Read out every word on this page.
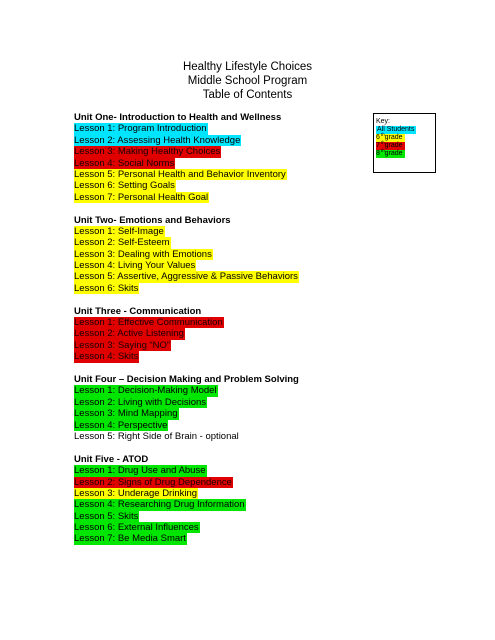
Healthy Lifestyle Choices
Middle School Program
Table of Contents
Unit One- Introduction to Health and Wellness
Lesson 1: Program Introduction
Lesson 2: Assessing Health Knowledge
Lesson 3: Making Healthy Choices
Lesson 4: Social Norms
Lesson 5: Personal Health and Behavior Inventory
Lesson 6: Setting Goals
Lesson 7: Personal Health Goal
Unit Two- Emotions and Behaviors
Lesson 1: Self-Image
Lesson 2: Self-Esteem
Lesson 3: Dealing with Emotions
Lesson 4: Living Your Values
Lesson 5: Assertive, Aggressive & Passive Behaviors
Lesson 6: Skits
Unit Three - Communication
Lesson 1: Effective Communication
Lesson 2: Active Listening
Lesson 3: Saying “NO”
Lesson 4: Skits
Unit Four – Decision Making and Problem Solving
Lesson 1: Decision-Making Model
Lesson 2: Living with Decisions
Lesson 3: Mind Mapping
Lesson 4: Perspective
Lesson 5: Right Side of Brain - optional
Unit Five - ATOD
Lesson 1: Drug Use and Abuse
Lesson 2: Signs of Drug Dependence
Lesson 3: Underage Drinking
Lesson 4: Researching Drug Information
Lesson 5: Skits
Lesson 6: External Influences
Lesson 7: Be Media Smart
Key:
All Students
6thgrade
7thgrade
8thgrade
